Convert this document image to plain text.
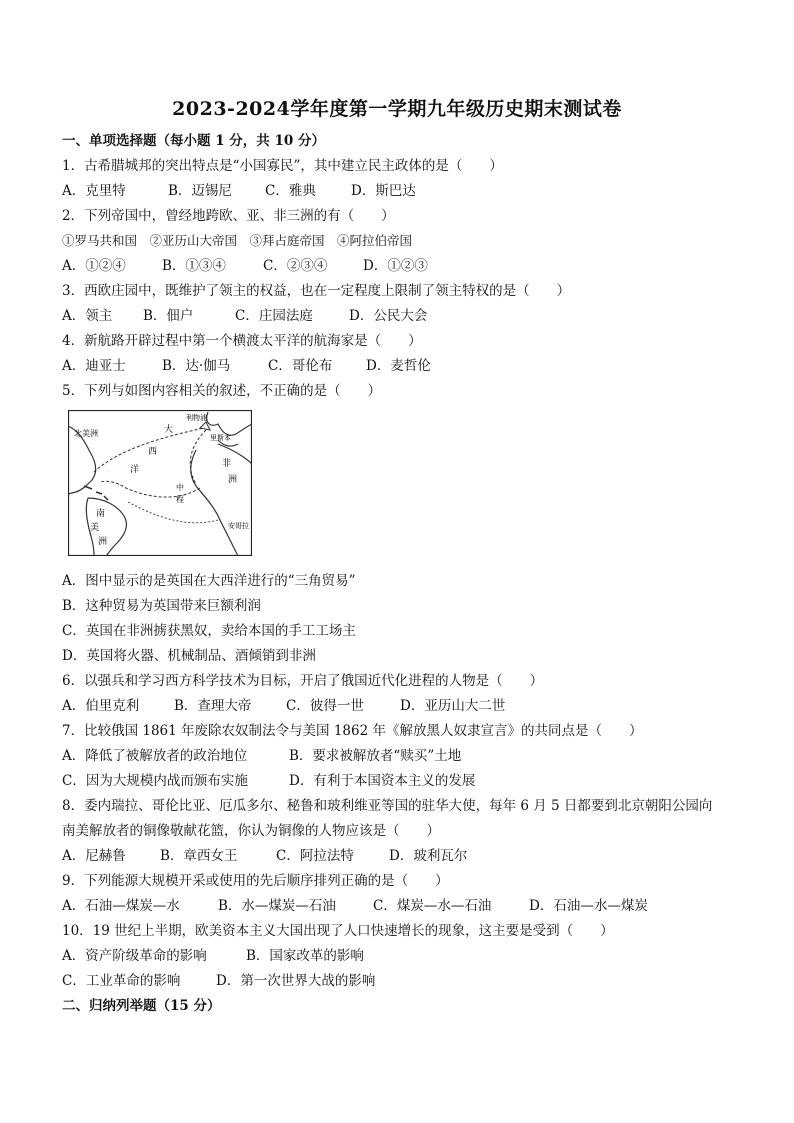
2023-2024学年度第一学期九年级历史期末测试卷
一、单项选择题（每小题 1 分，共 10 分）
1．古希腊城邦的突出特点是“小国寡民”，其中建立民主政体的是（　　）
A．克里特	B．迈锡尼 C．雅典	D．斯巴达
2．下列帝国中，曾经地跨欧、亚、非三洲的有（　　）
①罗马共和国　②亚历山大帝国　③拜占庭帝国　④阿拉伯帝国
A．①②④	B．①③④	C．②③④	D．①②③
3．西欧庄园中，既维护了领主的权益，也在一定程度上限制了领主特权的是（　　）
A．领主 B．佃户	C．庄园法庭	D．公民大会
4．新航路开辟过程中第一个横渡太平洋的航海家是（　　）
A．迪亚士	B．达·伽马	C．哥伦布 D．麦哲伦
5．下列与如图内容相关的叙述，不正确的是（　　）
北美洲	大
西
洋
里斯本
非
洲
中
程
南
美
洲
安哥拉
利物浦
A．图中显示的是英国在大西洋进行的“三角贸易”
B．这种贸易为英国带来巨额利润
C．英国在非洲掳获黑奴，卖给本国的手工工场主
D．英国将火器、机械制品、酒倾销到非洲
6．以强兵和学习西方科学技术为目标，开启了俄国近代化进程的人物是（　　）
A．伯里克利	B．查理大帝	C．彼得一世	D．亚历山大二世
7．比较俄国 1861 年废除农奴制法令与美国 1862 年《解放黑人奴隶宣言》的共同点是（　　）
A．降低了被解放者的政治地位	B．要求被解放者“赎买”土地
C．因为大规模内战而颁布实施	D．有利于本国资本主义的发展
8．委内瑞拉、哥伦比亚、厄瓜多尔、秘鲁和玻利维亚等国的驻华大使，每年 6 月 5 日都要到北京朝阳公园向
南美解放者的铜像敬献花篮，你认为铜像的人物应该是（　　）
A．尼赫鲁	B．章西女王	C．阿拉法特	D．玻利瓦尔
9．下列能源大规模开采或使用的先后顺序排列正确的是（　　）
A．石油—煤炭—水	B．水—煤炭—石油	C．煤炭—水—石油	D．石油—水—煤炭
10．19 世纪上半期，欧美资本主义大国出现了人口快速增长的现象，这主要是受到（　　）
A．资产阶级革命的影响	B．国家改革的影响
C．工业革命的影响	D．第一次世界大战的影响
二、归纳列举题（15 分）
